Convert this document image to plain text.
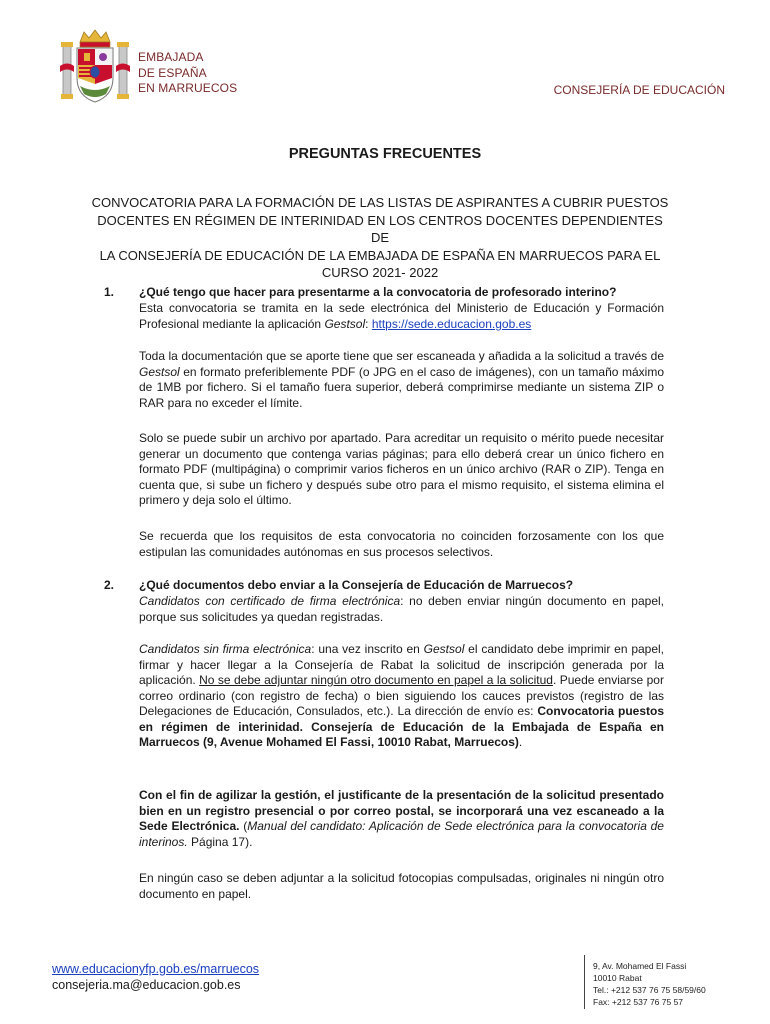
EMBAJADA
DE ESPAÑA
EN MARRUECOS	CONSEJERÍA DE EDUCACIÓN
PREGUNTAS FRECUENTES
CONVOCATORIA PARA LA FORMACIÓN DE LAS LISTAS DE ASPIRANTES A CUBRIR PUESTOS
DOCENTES EN RÉGIMEN DE INTERINIDAD EN LOS CENTROS DOCENTES DEPENDIENTES DE
LA CONSEJERÍA DE EDUCACIÓN DE LA EMBAJADA DE ESPAÑA EN MARRUECOS PARA EL
CURSO 2021- 2022
1. ¿Qué tengo que hacer para presentarme a la convocatoria de profesorado interino?
Esta convocatoria se tramita en la sede electrónica del Ministerio de Educación y Formación Profesional mediante la aplicación Gestsol: https://sede.educacion.gob.es
Toda la documentación que se aporte tiene que ser escaneada y añadida a la solicitud a través de Gestsol en formato preferiblemente PDF (o JPG en el caso de imágenes), con un tamaño máximo de 1MB por fichero. Si el tamaño fuera superior, deberá comprimirse mediante un sistema ZIP o RAR para no exceder el límite.
Solo se puede subir un archivo por apartado. Para acreditar un requisito o mérito puede necesitar generar un documento que contenga varias páginas; para ello deberá crear un único fichero en formato PDF (multipágina) o comprimir varios ficheros en un único archivo (RAR o ZIP). Tenga en cuenta que, si sube un fichero y después sube otro para el mismo requisito, el sistema elimina el primero y deja solo el último.
Se recuerda que los requisitos de esta convocatoria no coinciden forzosamente con los que estipulan las comunidades autónomas en sus procesos selectivos.
2. ¿Qué documentos debo enviar a la Consejería de Educación de Marruecos?
Candidatos con certificado de firma electrónica: no deben enviar ningún documento en papel, porque sus solicitudes ya quedan registradas.
Candidatos sin firma electrónica: una vez inscrito en Gestsol el candidato debe imprimir en papel, firmar y hacer llegar a la Consejería de Rabat la solicitud de inscripción generada por la aplicación. No se debe adjuntar ningún otro documento en papel a la solicitud. Puede enviarse por correo ordinario (con registro de fecha) o bien siguiendo los cauces previstos (registro de las Delegaciones de Educación, Consulados, etc.). La dirección de envío es: Convocatoria puestos en régimen de interinidad. Consejería de Educación de la Embajada de España en Marruecos (9, Avenue Mohamed El Fassi, 10010 Rabat, Marruecos).
Con el fin de agilizar la gestión, el justificante de la presentación de la solicitud presentado bien en un registro presencial o por correo postal, se incorporará una vez escaneado a la Sede Electrónica. (Manual del candidato: Aplicación de Sede electrónica para la convocatoria de interinos. Página 17).
En ningún caso se deben adjuntar a la solicitud fotocopias compulsadas, originales ni ningún otro documento en papel.
www.educacionyfp.gob.es/marruecos
consejeria.ma@educacion.gob.es
9, Av. Mohamed El Fassi
10010 Rabat
Tel.: +212 537 76 75 58/59/60
Fax: +212 537 76 75 57
